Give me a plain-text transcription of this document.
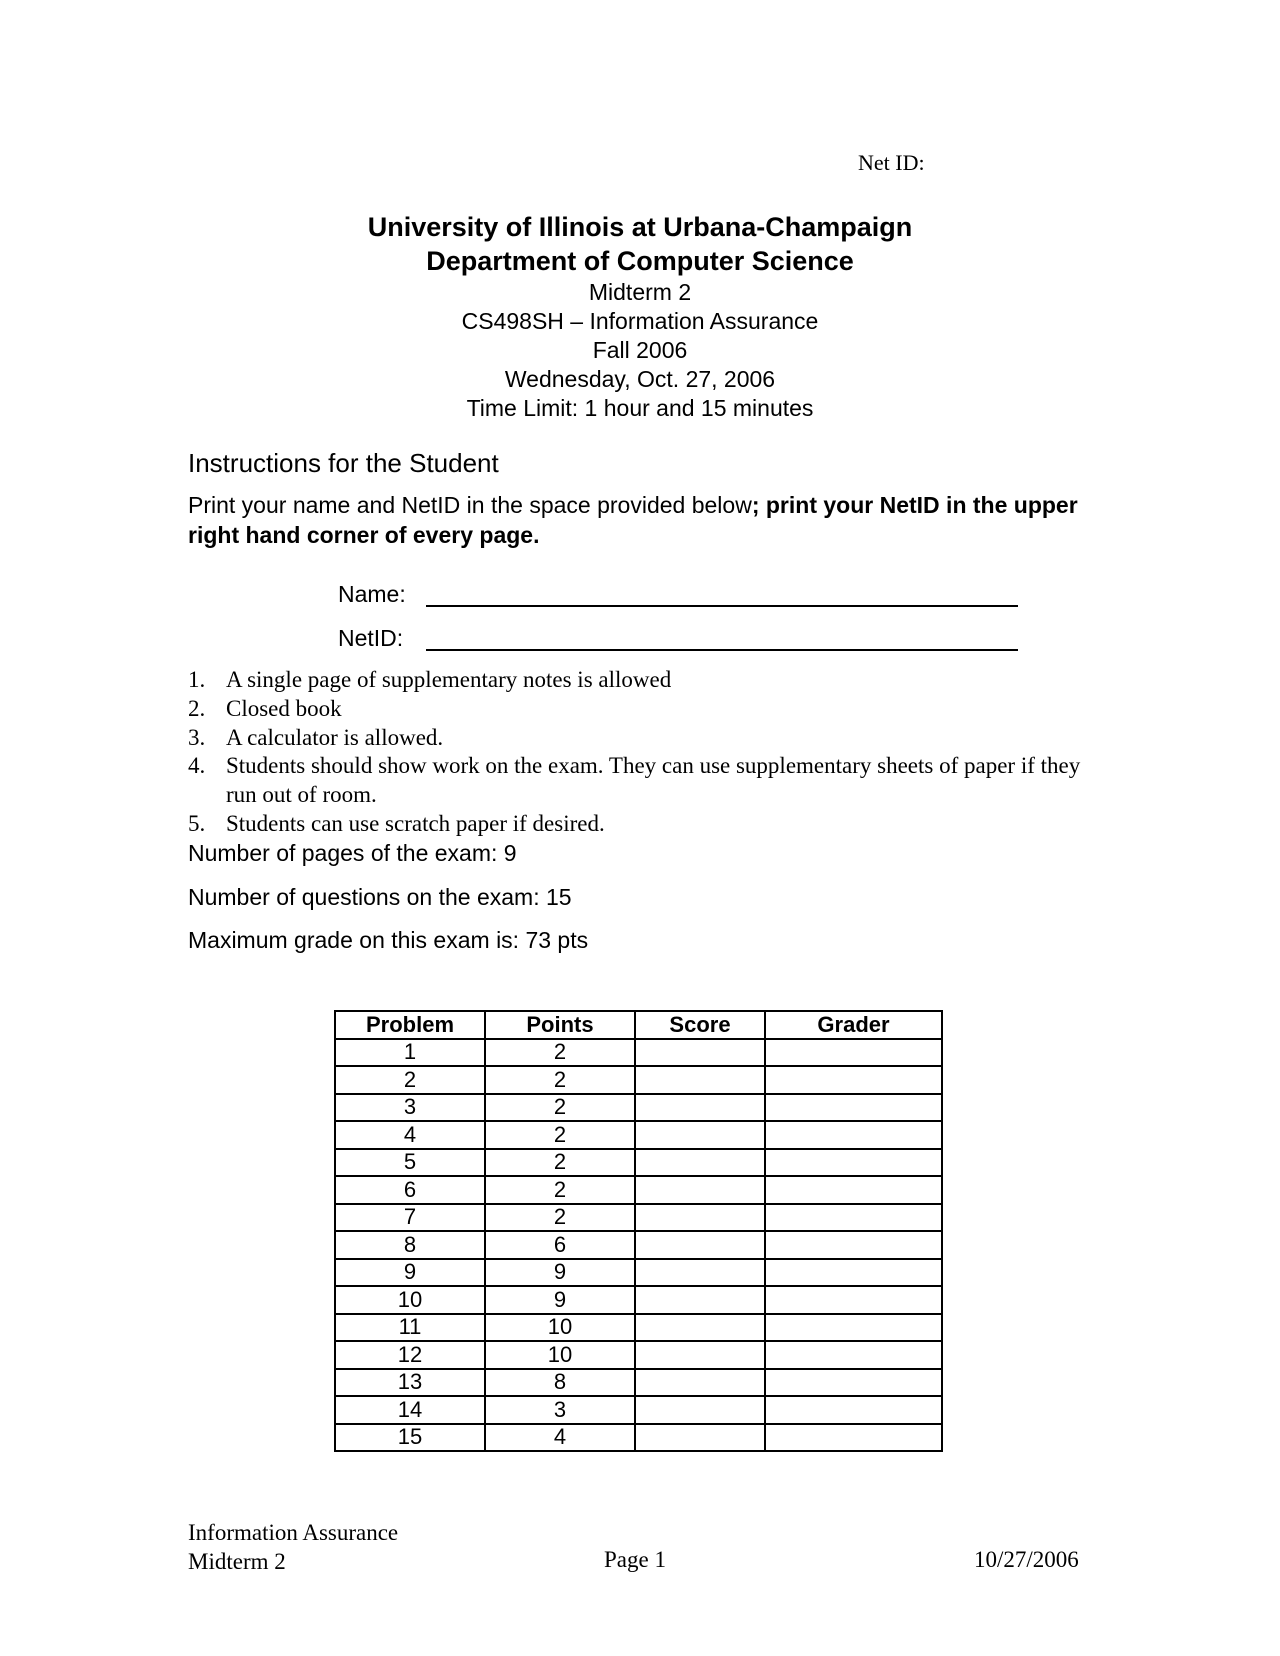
Net ID:
University of Illinois at Urbana-Champaign
Department of Computer Science
Midterm 2
CS498SH – Information Assurance
Fall 2006
Wednesday, Oct. 27, 2006
Time Limit: 1 hour and 15 minutes
Instructions for the Student
Print your name and NetID in the space provided below; print your NetID in the upper right hand corner of every page.
Name:
NetID:
1. A single page of supplementary notes is allowed
2. Closed book
3. A calculator is allowed.
4. Students should show work on the exam. They can use supplementary sheets of paper if they run out of room.
5. Students can use scratch paper if desired.
Number of pages of the exam: 9
Number of questions on the exam: 15
Maximum grade on this exam is: 73 pts
Problem	Points	Score	Grader
1	2		
2	2		
3	2		
4	2		
5	2		
6	2		
7	2		
8	6		
9	9		
10	9		
11	10		
12	10		
13	8		
14	3		
15	4		
Information Assurance
Midterm 2	Page 1	10/27/2006
